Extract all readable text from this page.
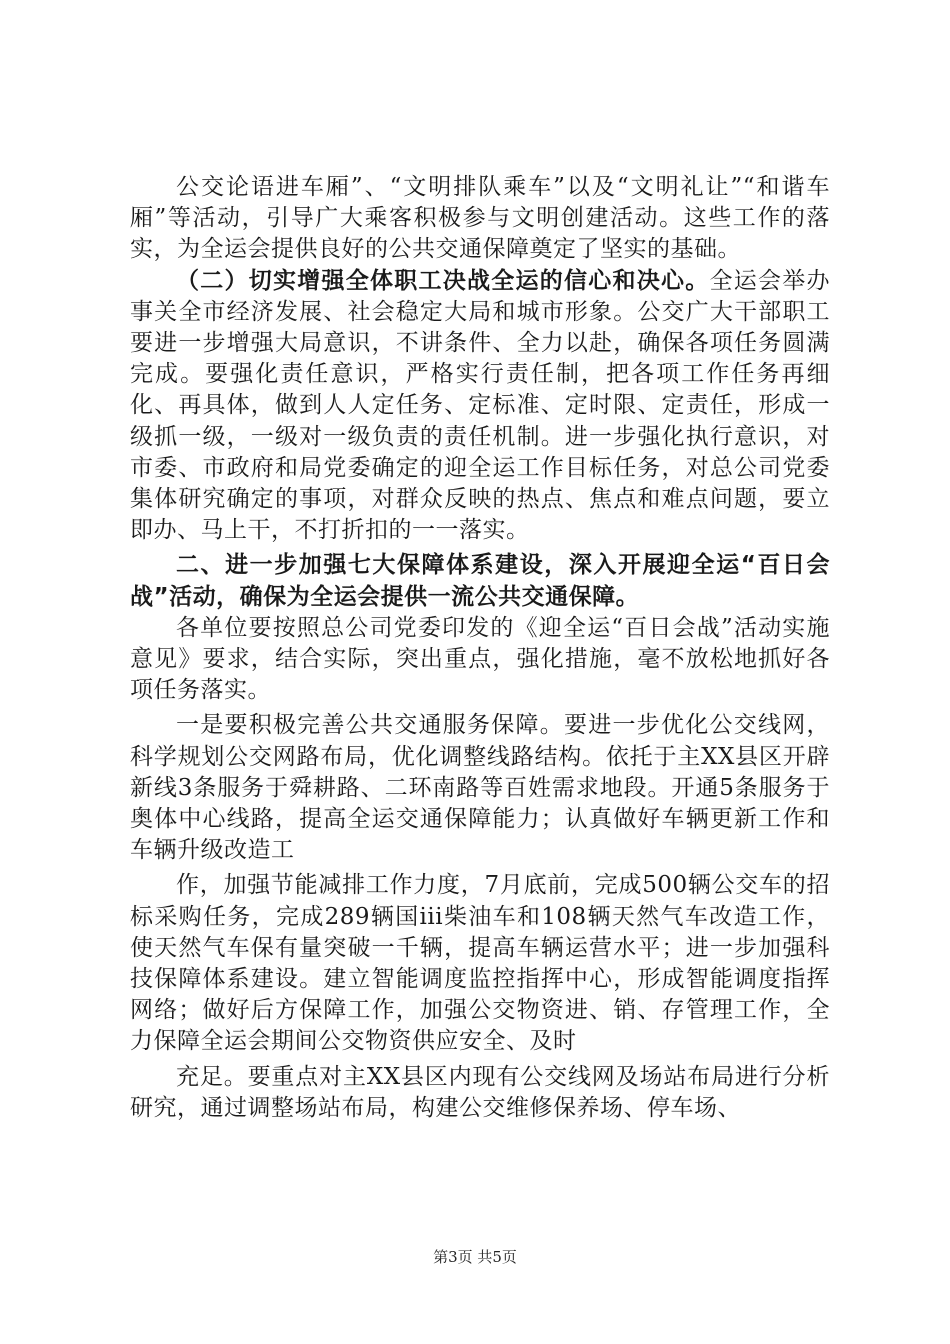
公交论语进车厢”、“文明排队乘车”以及“文明礼让”“和谐车厢”等活动，引导广大乘客积极参与文明创建活动。这些工作的落实，为全运会提供良好的公共交通保障奠定了坚实的基础。

（二）切实增强全体职工决战全运的信心和决心。全运会举办事关全市经济发展、社会稳定大局和城市形象。公交广大干部职工要进一步增强大局意识，不讲条件、全力以赴，确保各项任务圆满完成。要强化责任意识，严格实行责任制，把各项工作任务再细化、再具体，做到人人定任务、定标准、定时限、定责任，形成一级抓一级，一级对一级负责的责任机制。进一步强化执行意识，对市委、市政府和局党委确定的迎全运工作目标任务，对总公司党委集体研究确定的事项，对群众反映的热点、焦点和难点问题，要立即办、马上干，不打折扣的一一落实。

二、进一步加强七大保障体系建设，深入开展迎全运“百日会战”活动，确保为全运会提供一流公共交通保障。

各单位要按照总公司党委印发的《迎全运“百日会战”活动实施意见》要求，结合实际，突出重点，强化措施，毫不放松地抓好各项任务落实。

一是要积极完善公共交通服务保障。要进一步优化公交线网，科学规划公交网路布局，优化调整线路结构。依托于主XX县区开辟新线3条服务于舜耕路、二环南路等百姓需求地段。开通5条服务于奥体中心线路，提高全运交通保障能力；认真做好车辆更新工作和车辆升级改造工

作，加强节能减排工作力度，7月底前，完成500辆公交车的招标采购任务，完成289辆国iii柴油车和108辆天然气车改造工作，使天然气车保有量突破一千辆，提高车辆运营水平；进一步加强科技保障体系建设。建立智能调度监控指挥中心，形成智能调度指挥网络；做好后方保障工作，加强公交物资进、销、存管理工作，全力保障全运会期间公交物资供应安全、及时

充足。要重点对主XX县区内现有公交线网及场站布局进行分析研究，通过调整场站布局，构建公交维修保养场、停车场、

第3页 共5页
